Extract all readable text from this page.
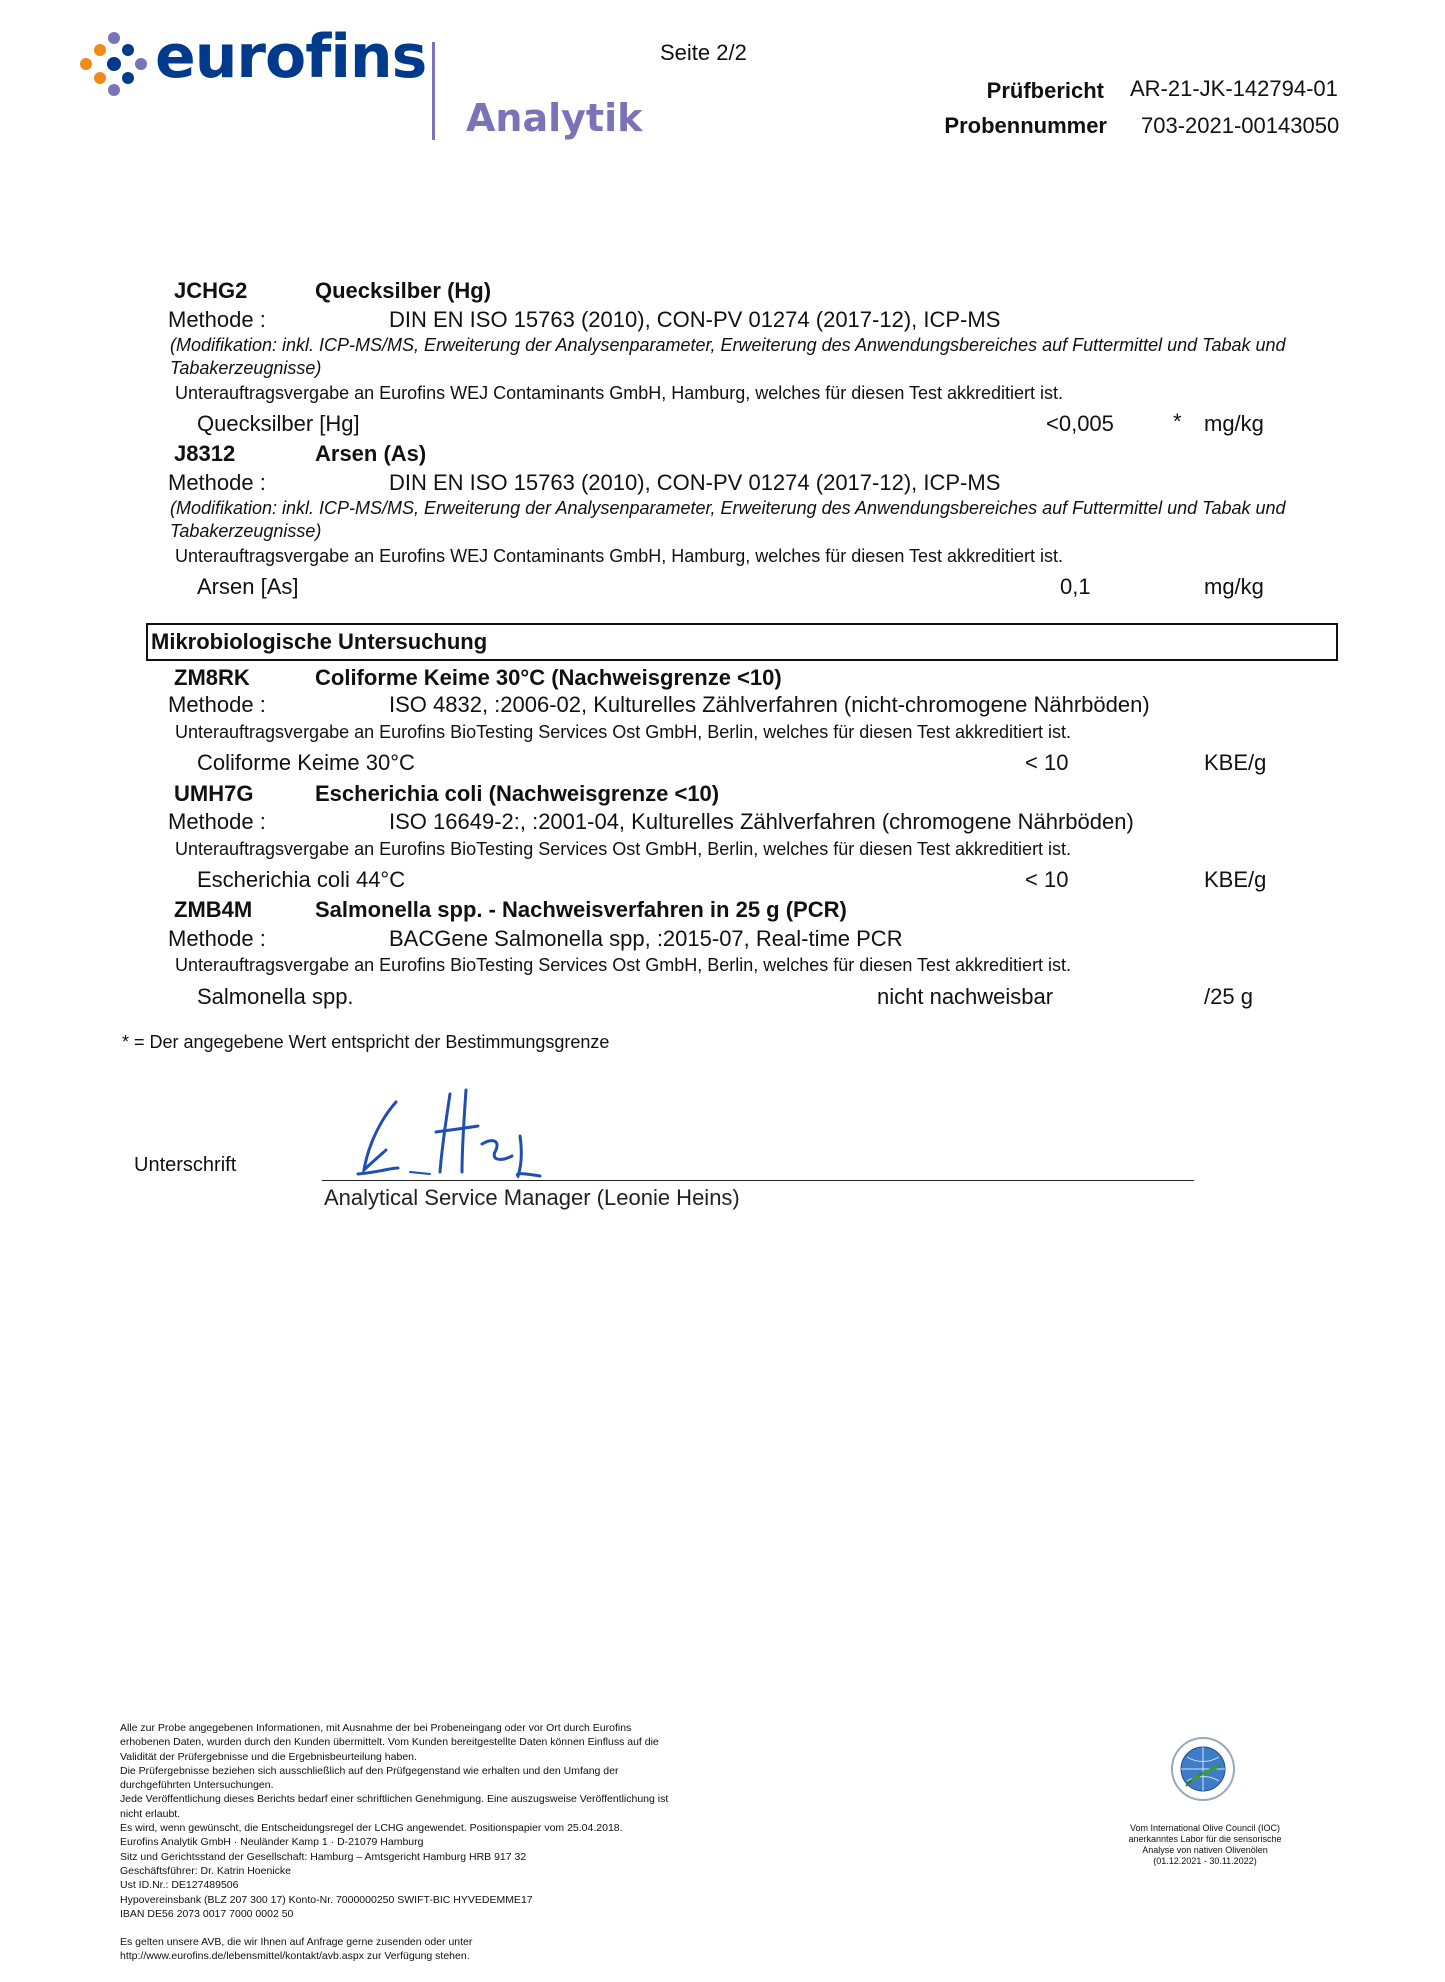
eurofins
Analytik
Seite 2/2
Prüfbericht AR-21-JK-142794-01
Probennummer 703-2021-00143050
JCHG2	Quecksilber (Hg)
Methode :	DIN EN ISO 15763 (2010), CON-PV 01274 (2017-12), ICP-MS
(Modifikation: inkl. ICP-MS/MS, Erweiterung der Analysenparameter, Erweiterung des Anwendungsbereiches auf Futtermittel und Tabak und Tabakerzeugnisse)
Unterauftragsvergabe an Eurofins WEJ Contaminants GmbH, Hamburg, welches für diesen Test akkreditiert ist.
Quecksilber [Hg]	<0,005	* mg/kg
J8312	Arsen (As)
Methode :	DIN EN ISO 15763 (2010), CON-PV 01274 (2017-12), ICP-MS
(Modifikation: inkl. ICP-MS/MS, Erweiterung der Analysenparameter, Erweiterung des Anwendungsbereiches auf Futtermittel und Tabak und Tabakerzeugnisse)
Unterauftragsvergabe an Eurofins WEJ Contaminants GmbH, Hamburg, welches für diesen Test akkreditiert ist.
Arsen [As]	0,1	mg/kg
Mikrobiologische Untersuchung
ZM8RK	Coliforme Keime 30°C (Nachweisgrenze <10)
Methode :	ISO 4832, :2006-02, Kulturelles Zählverfahren (nicht-chromogene Nährböden)
Unterauftragsvergabe an Eurofins BioTesting Services Ost GmbH, Berlin, welches für diesen Test akkreditiert ist.
Coliforme Keime 30°C	< 10	KBE/g
UMH7G	Escherichia coli (Nachweisgrenze <10)
Methode :	ISO 16649-2:, :2001-04, Kulturelles Zählverfahren (chromogene Nährböden)
Unterauftragsvergabe an Eurofins BioTesting Services Ost GmbH, Berlin, welches für diesen Test akkreditiert ist.
Escherichia coli 44°C	< 10	KBE/g
ZMB4M	Salmonella spp. - Nachweisverfahren in 25 g (PCR)
Methode :	BACGene Salmonella spp, :2015-07, Real-time PCR
Unterauftragsvergabe an Eurofins BioTesting Services Ost GmbH, Berlin, welches für diesen Test akkreditiert ist.
Salmonella spp.	nicht nachweisbar	/25 g
* = Der angegebene Wert entspricht der Bestimmungsgrenze
Unterschrift
Analytical Service Manager (Leonie Heins)
Alle zur Probe angegebenen Informationen, mit Ausnahme der bei Probeneingang oder vor Ort durch Eurofins
erhobenen Daten, wurden durch den Kunden übermittelt. Vom Kunden bereitgestellte Daten können Einfluss auf die
Validität der Prüfergebnisse und die Ergebnisbeurteilung haben.
Die Prüfergebnisse beziehen sich ausschließlich auf den Prüfgegenstand wie erhalten und den Umfang der
durchgeführten Untersuchungen.
Jede Veröffentlichung dieses Berichts bedarf einer schriftlichen Genehmigung. Eine auszugsweise Veröffentlichung ist
nicht erlaubt.
Es wird, wenn gewünscht, die Entscheidungsregel der LCHG angewendet. Positionspapier vom 25.04.2018.
Eurofins Analytik GmbH · Neuländer Kamp 1 · D-21079 Hamburg
Sitz und Gerichtsstand der Gesellschaft: Hamburg – Amtsgericht Hamburg HRB 917 32
Geschäftsführer: Dr. Katrin Hoenicke
Ust ID.Nr.: DE127489506
Hypovereinsbank (BLZ 207 300 17) Konto-Nr. 7000000250 SWIFT-BIC HYVEDEMME17
IBAN DE56 2073 0017 7000 0002 50
Es gelten unsere AVB, die wir Ihnen auf Anfrage gerne zusenden oder unter
http://www.eurofins.de/lebensmittel/kontakt/avb.aspx zur Verfügung stehen.
Vom International Olive Council (IOC)
anerkanntes Labor für die sensorische
Analyse von nativen Olivenölen
(01.12.2021 - 30.11.2022)
